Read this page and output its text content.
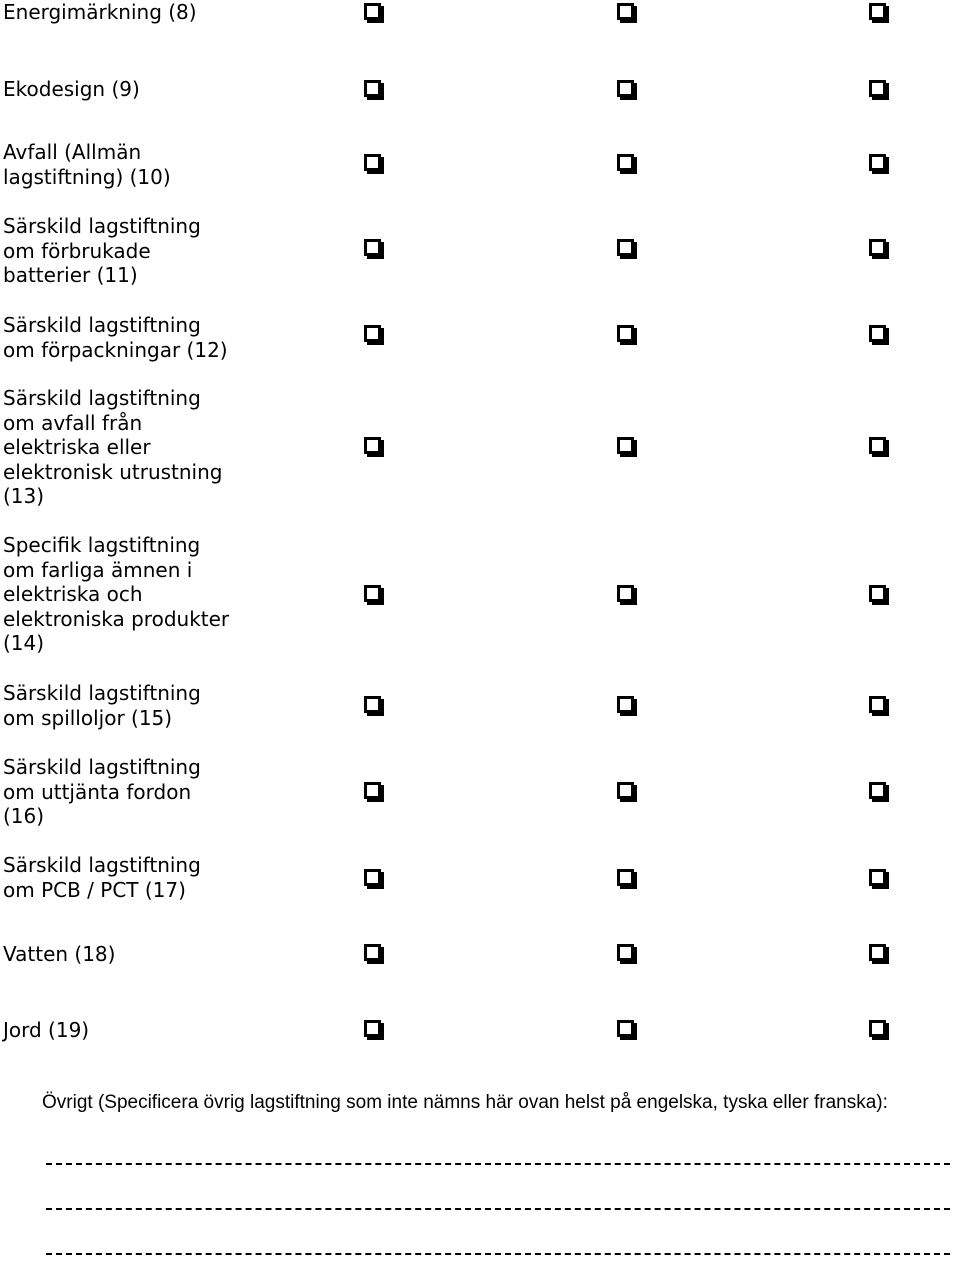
Energimärkning (8)
Ekodesign (9)
Avfall (Allmän
lagstiftning) (10)
Särskild lagstiftning
om förbrukade
batterier (11)
Särskild lagstiftning
om förpackningar (12)
Särskild lagstiftning
om avfall från
elektriska eller
elektronisk utrustning
(13)
Specifik lagstiftning
om farliga ämnen i
elektriska och
elektroniska produkter
(14)
Särskild lagstiftning
om spilloljor (15)
Särskild lagstiftning
om uttjänta fordon
(16)
Särskild lagstiftning
om PCB / PCT (17)
Vatten (18)
Jord (19)
Övrigt (Specificera övrig lagstiftning som inte nämns här ovan helst på engelska, tyska eller franska):
